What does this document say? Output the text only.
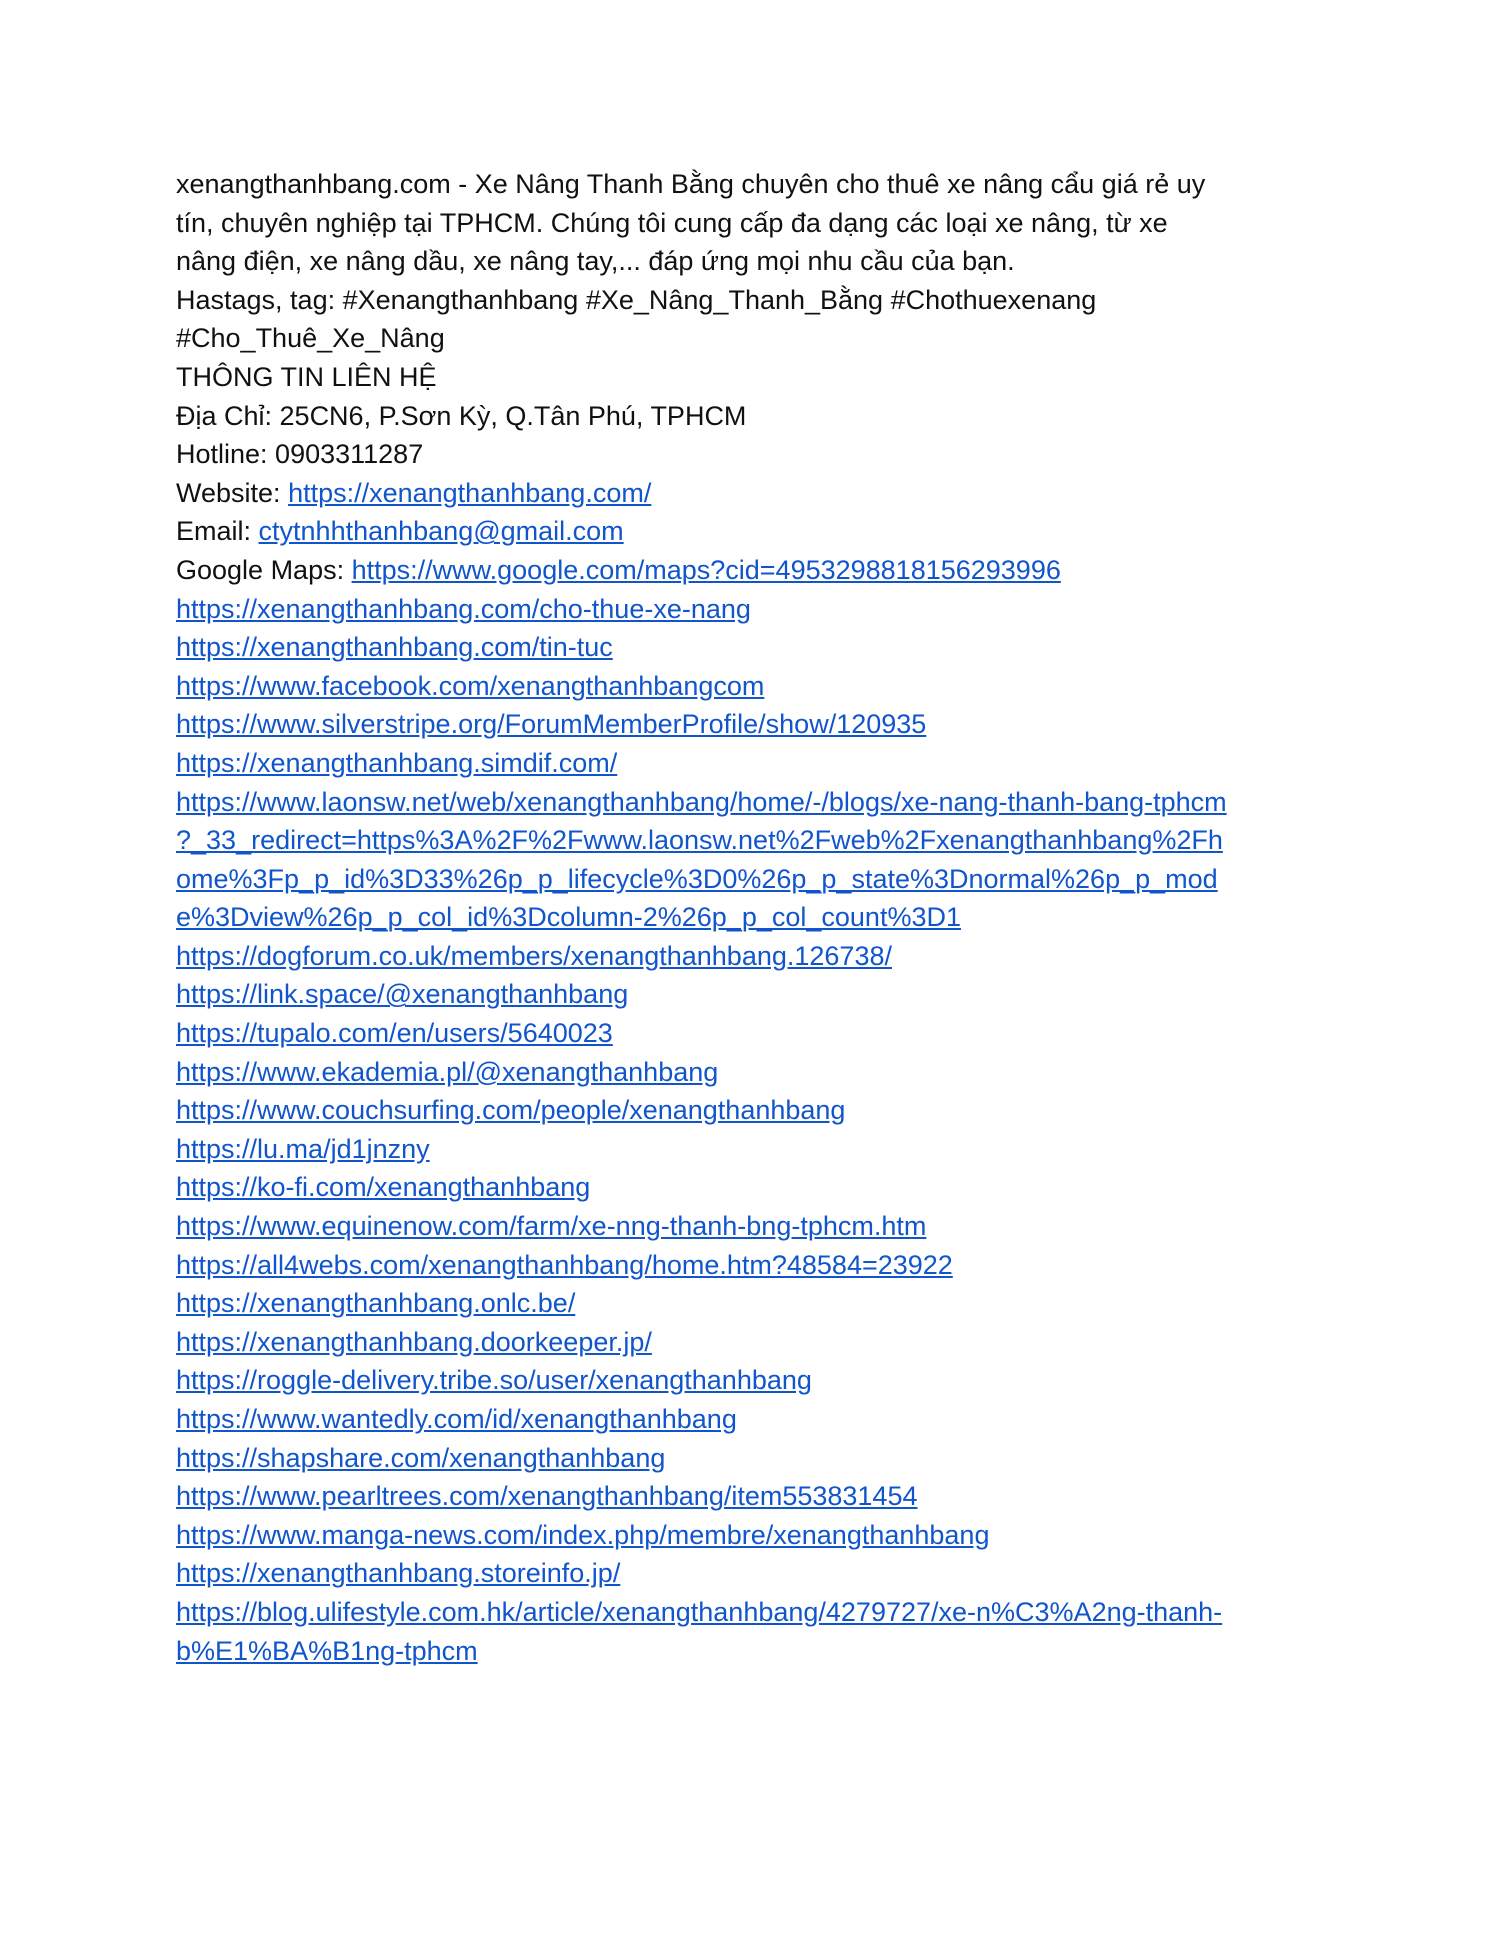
xenangthanhbang.com - Xe Nâng Thanh Bằng chuyên cho thuê xe nâng cẩu giá rẻ uy
tín, chuyên nghiệp tại TPHCM. Chúng tôi cung cấp đa dạng các loại xe nâng, từ xe
nâng điện, xe nâng dầu, xe nâng tay,... đáp ứng mọi nhu cầu của bạn.
Hastags, tag: #Xenangthanhbang #Xe_Nâng_Thanh_Bằng #Chothuexenang
#Cho_Thuê_Xe_Nâng
THÔNG TIN LIÊN HỆ
Địa Chỉ: 25CN6, P.Sơn Kỳ, Q.Tân Phú, TPHCM
Hotline: 0903311287
Website: https://xenangthanhbang.com/
Email: ctytnhhthanhbang@gmail.com
Google Maps: https://www.google.com/maps?cid=4953298818156293996
https://xenangthanhbang.com/cho-thue-xe-nang
https://xenangthanhbang.com/tin-tuc
https://www.facebook.com/xenangthanhbangcom
https://www.silverstripe.org/ForumMemberProfile/show/120935
https://xenangthanhbang.simdif.com/
https://www.laonsw.net/web/xenangthanhbang/home/-/blogs/xe-nang-thanh-bang-tphcm
?_33_redirect=https%3A%2F%2Fwww.laonsw.net%2Fweb%2Fxenangthanhbang%2Fh
ome%3Fp_p_id%3D33%26p_p_lifecycle%3D0%26p_p_state%3Dnormal%26p_p_mod
e%3Dview%26p_p_col_id%3Dcolumn-2%26p_p_col_count%3D1
https://dogforum.co.uk/members/xenangthanhbang.126738/
https://link.space/@xenangthanhbang
https://tupalo.com/en/users/5640023
https://www.ekademia.pl/@xenangthanhbang
https://www.couchsurfing.com/people/xenangthanhbang
https://lu.ma/jd1jnzny
https://ko-fi.com/xenangthanhbang
https://www.equinenow.com/farm/xe-nng-thanh-bng-tphcm.htm
https://all4webs.com/xenangthanhbang/home.htm?48584=23922
https://xenangthanhbang.onlc.be/
https://xenangthanhbang.doorkeeper.jp/
https://roggle-delivery.tribe.so/user/xenangthanhbang
https://www.wantedly.com/id/xenangthanhbang
https://shapshare.com/xenangthanhbang
https://www.pearltrees.com/xenangthanhbang/item553831454
https://www.manga-news.com/index.php/membre/xenangthanhbang
https://xenangthanhbang.storeinfo.jp/
https://blog.ulifestyle.com.hk/article/xenangthanhbang/4279727/xe-n%C3%A2ng-thanh-
b%E1%BA%B1ng-tphcm
